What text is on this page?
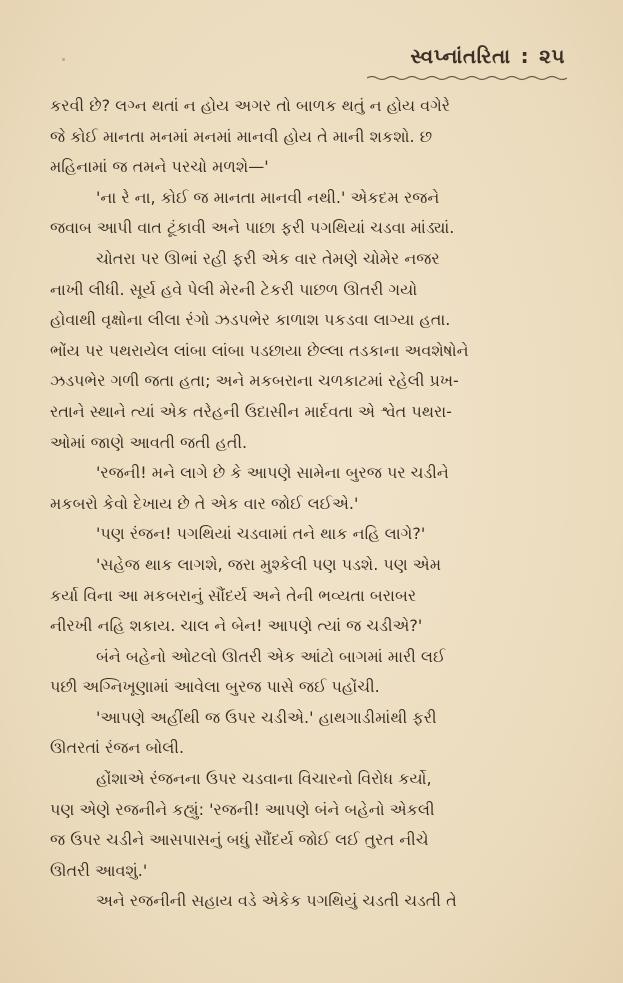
સ્વપ્નાંતરિતા : ૨૫
કરવી છે? લગ્ન થતાં ન હોય અગર તો બાળક થતું ન હોય વગેરે
જે કોઈ માનતા મનમાં મનમાં માનવી હોય તે માની શકશો. છ
મહિનામાં જ તમને પરચો મળશે—'
'ના રે ના, કોઈ જ માનતા માનવી નથી.' એકદમ રજને
જવાબ આપી વાત ટૂંકાવી અને પાછા ફરી પગથિયાં ચડવા માંડ્યાં.
ચોતરા પર ઊભાં રહી ફરી એક વાર તેમણે ચોમેર નજર
નાખી લીધી. સૂર્ય હવે પેલી મેરની ટેકરી પાછળ ઊતરી ગયો
હોવાથી વૃક્ષોના લીલા રંગો ઝડપભેર કાળાશ પકડવા લાગ્યા હતા.
ભોંય પર પથરાયેલ લાંબા લાંબા પડછાયા છેલ્લા તડકાના અવશેષોને
ઝડપભેર ગળી જતા હતા; અને મકબરાના ચળકાટમાં રહેલી પ્રખ-
રતાને સ્થાને ત્યાં એક તરેહની ઉદાસીન માર્દવતા એ શ્વેત પથરા-
ઓમાં જાણે આવતી જતી હતી.
'રજની! મને લાગે છે કે આપણે સામેના બુરજ પર ચડીને
મકબરો કેવો દેખાય છે તે એક વાર જોઈ લઈએ.'
'પણ રંજન! પગથિયાં ચડવામાં તને થાક નહિ લાગે?'
'સહેજ થાક લાગશે, જરા મુશ્કેલી પણ પડશે. પણ એમ
કર્યા વિના આ મકબરાનું સૌંદર્ય અને તેની ભવ્યતા બરાબર
નીરખી નહિ શકાય. ચાલ ને બેન! આપણે ત્યાં જ ચડીએ?'
બંને બહેનો ઓટલો ઊતરી એક આંટો બાગમાં મારી લઈ
પછી અગ્નિખૂણામાં આવેલા બુરજ પાસે જઈ પહોંચી.
'આપણે અહીંથી જ ઉપર ચડીએ.' હાથગાડીમાંથી ફરી
ઊતરતાં રંજન બોલી.
હોંશાએ રંજનના ઉપર ચડવાના વિચારનો વિરોધ કર્યો,
પણ એણે રજનીને કહ્યું: 'રજની! આપણે બંને બહેનો એકલી
જ ઉપર ચડીને આસપાસનું બધું સૌંદર્ય જોઈ લઈ તુરત નીચે
ઊતરી આવશું.'
અને રજનીની સહાય વડે એકેક પગથિયું ચડતી ચડતી તે
